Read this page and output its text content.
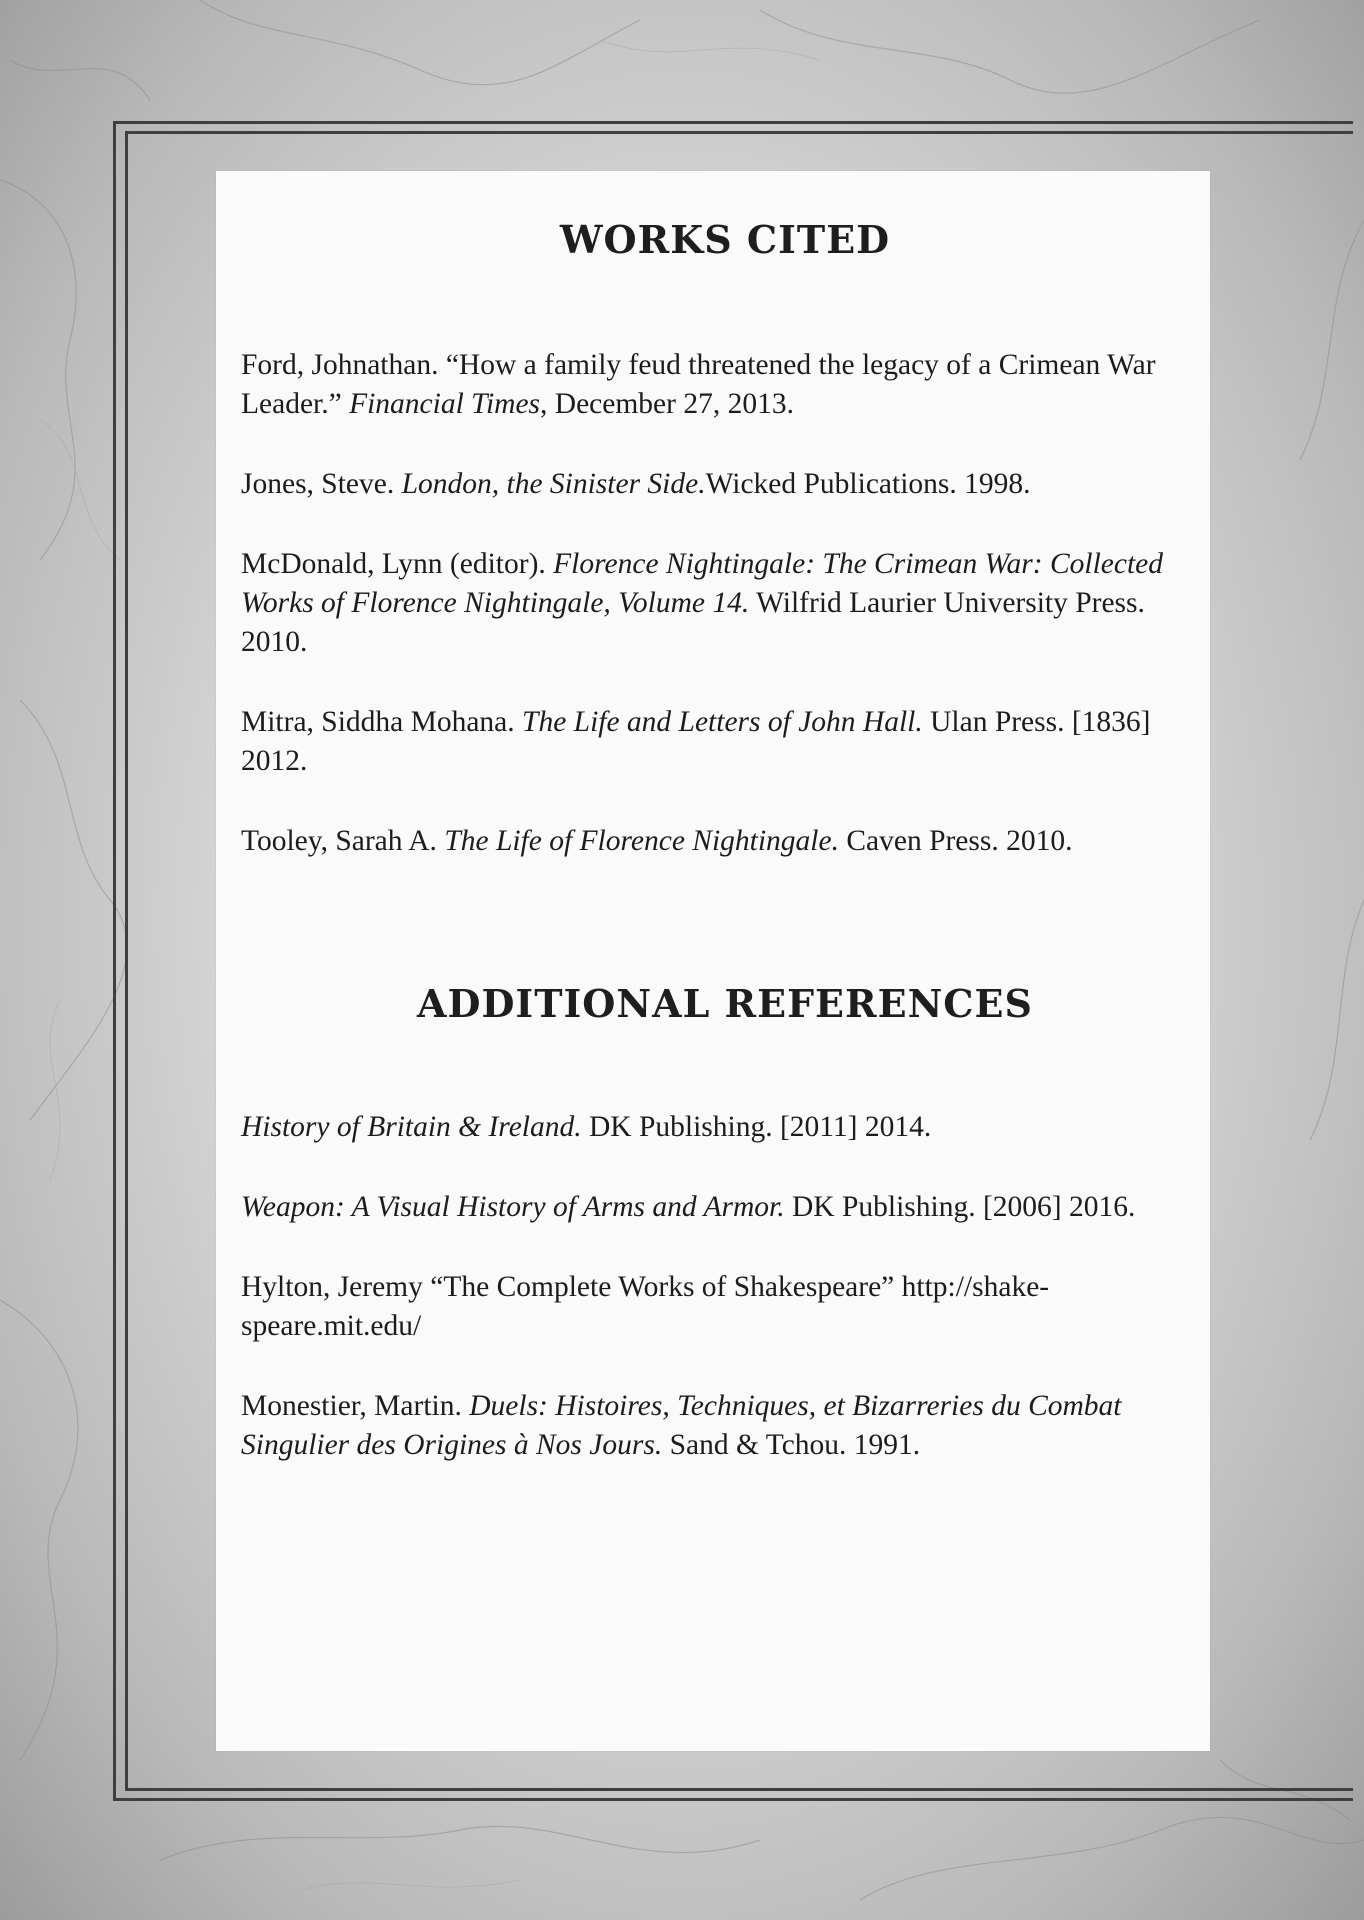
WORKS CITED

Ford, Johnathan. “How a family feud threatened the legacy of a Crimean War Leader.” Financial Times, December 27, 2013.

Jones, Steve. London, the Sinister Side.Wicked Publications. 1998.

McDonald, Lynn (editor). Florence Nightingale: The Crimean War: Collected Works of Florence Nightingale, Volume 14. Wilfrid Laurier University Press. 2010.

Mitra, Siddha Mohana. The Life and Letters of John Hall. Ulan Press. [1836] 2012.

Tooley, Sarah A. The Life of Florence Nightingale. Caven Press. 2010.

ADDITIONAL REFERENCES

History of Britain & Ireland. DK Publishing. [2011] 2014.

Weapon: A Visual History of Arms and Armor. DK Publishing. [2006] 2016.

Hylton, Jeremy “The Complete Works of Shakespeare” http://shake-speare.mit.edu/

Monestier, Martin. Duels: Histoires, Techniques, et Bizarreries du Combat Singulier des Origines à Nos Jours. Sand & Tchou. 1991.
